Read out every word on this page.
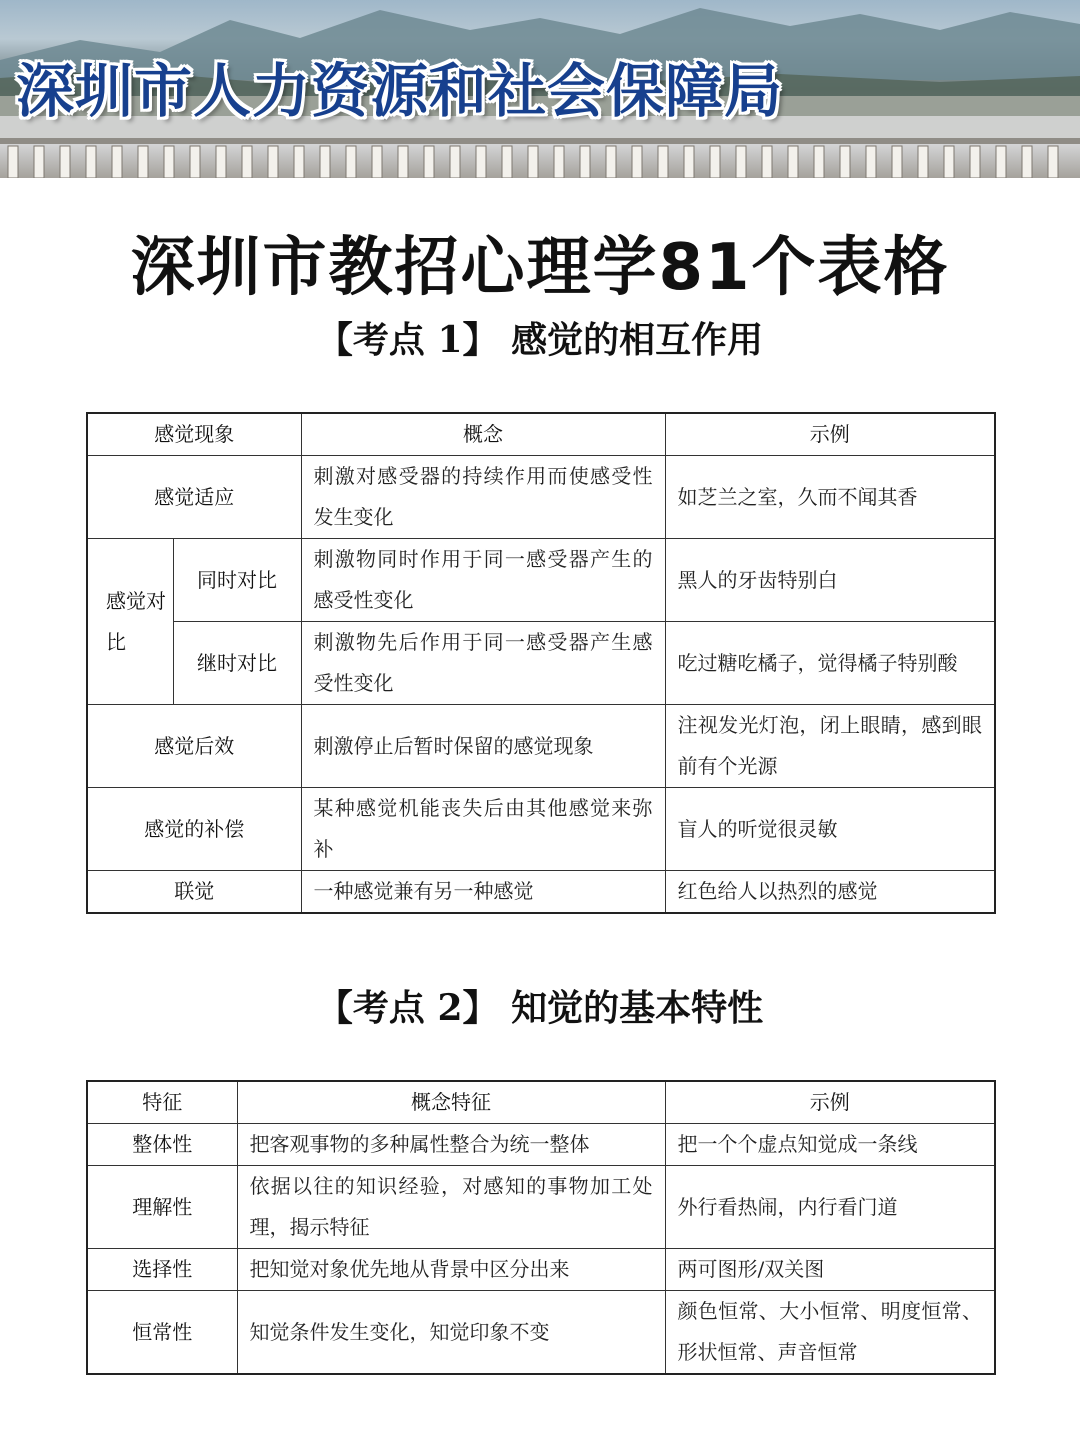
深圳市人力资源和社会保障局
深圳市教招心理学81个表格
【考点 1】 感觉的相互作用
感觉现象		概念	示例
感觉适应		刺激对感受器的持续作用而使感受性发生变化	如芝兰之室，久而不闻其香
感觉对比	同时对比	刺激物同时作用于同一感受器产生的感受性变化	黑人的牙齿特别白
	继时对比	刺激物先后作用于同一感受器产生感受性变化	吃过糖吃橘子，觉得橘子特别酸
感觉后效		刺激停止后暂时保留的感觉现象	注视发光灯泡，闭上眼睛，感到眼前有个光源
感觉的补偿		某种感觉机能丧失后由其他感觉来弥补	盲人的听觉很灵敏
联觉		一种感觉兼有另一种感觉	红色给人以热烈的感觉
【考点 2】 知觉的基本特性
特征	概念特征	示例
整体性	把客观事物的多种属性整合为统一整体	把一个个虚点知觉成一条线
理解性	依据以往的知识经验，对感知的事物加工处理，揭示特征	外行看热闹，内行看门道
选择性	把知觉对象优先地从背景中区分出来	两可图形/双关图
恒常性	知觉条件发生变化，知觉印象不变	颜色恒常、大小恒常、明度恒常、形状恒常、声音恒常
